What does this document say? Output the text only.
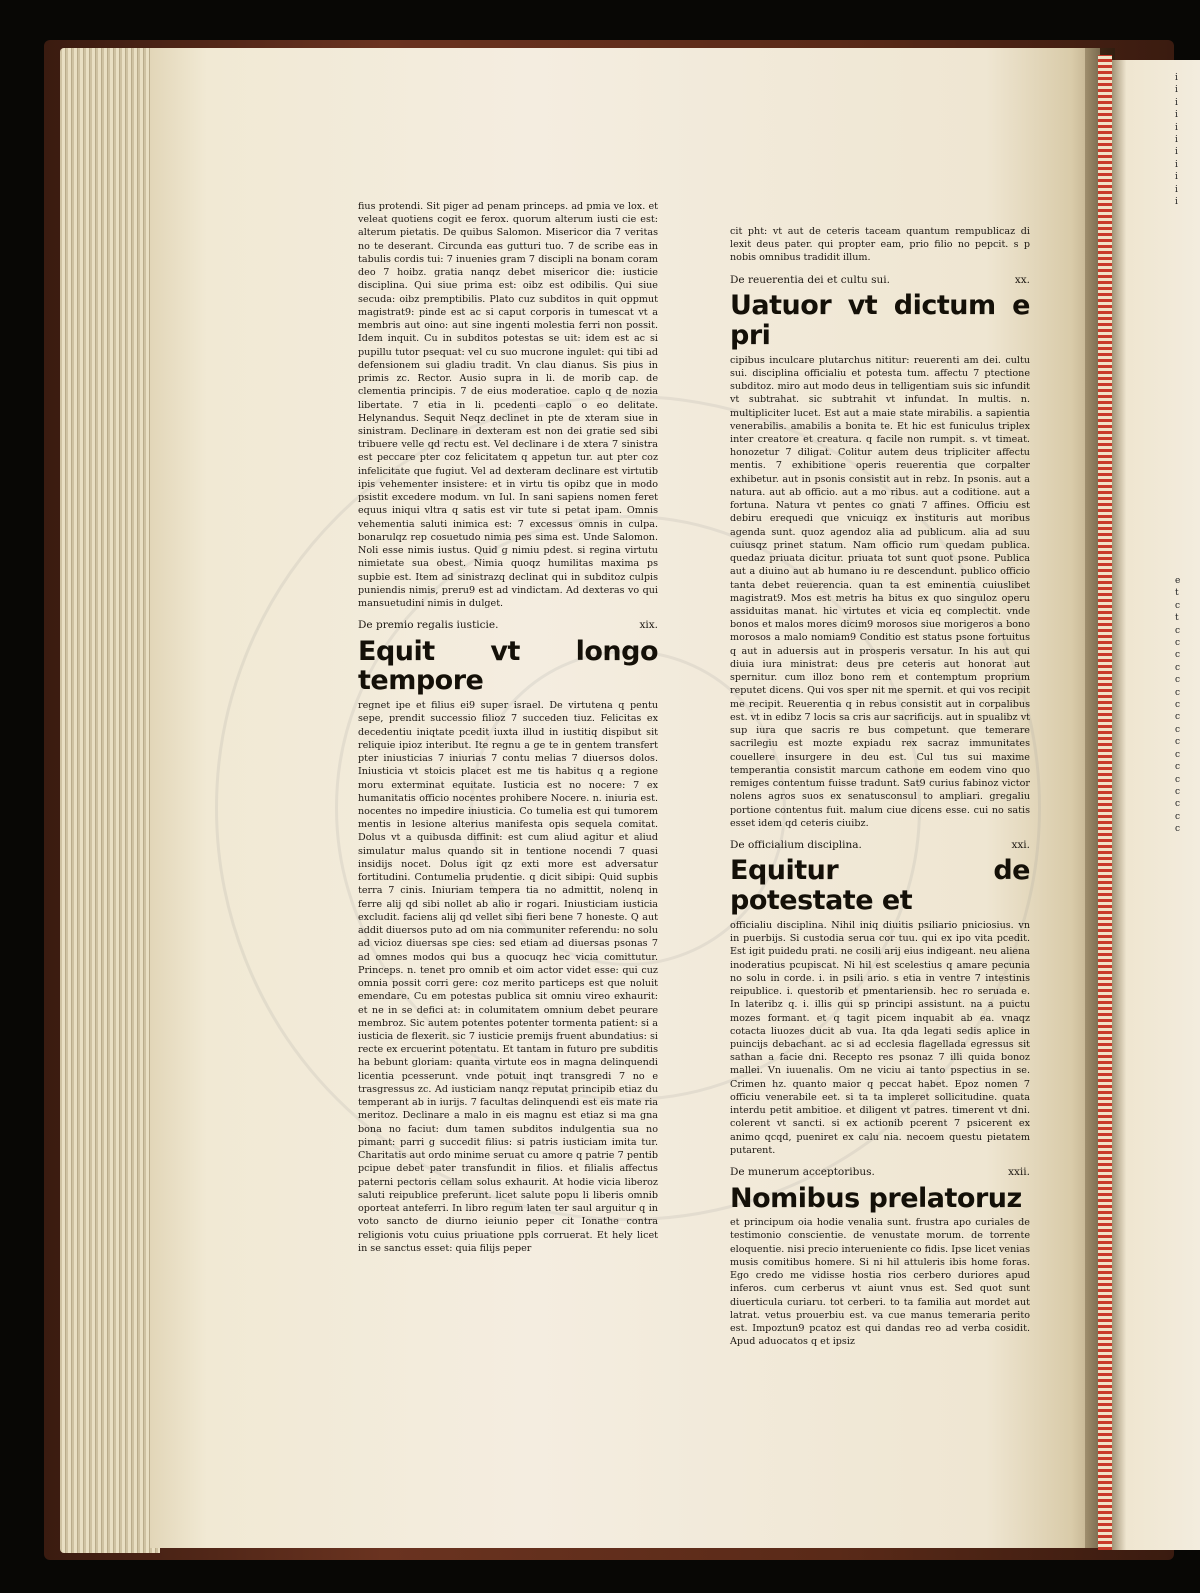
fius protendi. Sit piger ad penam princeps. ad pmia ve lox. et veleat quotiens cogit ee ferox. quorum alterum iusti cie est: alterum pietatis. De quibus Salomon. Misericor dia 7 veritas no te deserant. Circunda eas gutturi tuo. 7 de scribe eas in tabulis cordis tui: 7 inuenies gram 7 discipli na bonam coram deo 7 hoibz. gratia nanqz debet misericor die: iusticie disciplina. Qui siue prima est: oibz est odibilis. Qui siue secuda: oibz premptibilis. Plato cuz subditos in quit oppmut magistrat9: pinde est ac si caput corporis in tumescat vt a membris aut oino: aut sine ingenti molestia ferri non possit. Idem inquit. Cu in subditos potestas se uit: idem est ac si pupillu tutor psequat: vel cu suo mucrone ingulet: qui tibi ad defensionem sui gladiu tradit. Vn clau dianus. Sis pius in primis zc. Rector. Ausio supra in li. de morib cap. de clementia principis. 7 de eius moderatioe. caplo q de nozia libertate. 7 etia in li. pcedenti caplo o eo delitate. Helynandus. Sequit Neqz declinet in pte de xteram siue in sinistram. Declinare in dexteram est non dei gratie sed sibi tribuere velle qd rectu est. Vel declinare i de xtera 7 sinistra est peccare pter coz felicitatem q appetun tur. aut pter coz infelicitate que fugiut. Vel ad dexteram declinare est virtutib ipis vehementer insistere: et in virtu tis opibz que in modo psistit excedere modum. vn Iul. In sani sapiens nomen feret equus iniqui vltra q satis est vir tute si petat ipam. Omnis vehementia saluti inimica est: 7 excessus omnis in culpa. bonarulqz rep cosuetudo nimia pes sima est. Unde Salomon. Noli esse nimis iustus. Quid g nimiu pdest. si regina virtutu nimietate sua obest. Nimia quoqz humilitas maxima ps supbie est. Item ad sinistrazq declinat qui in subditoz culpis puniendis nimis, preru9 est ad vindictam. Ad dexteras vo qui mansuetudini nimis in dulget.

De premio regalis iusticie.	xix.
Equit vt longo tempore

regnet ipe et filius ei9 super israel. De virtutena q pentu sepe, prendit successio filioz 7 succeden tiuz. Felicitas ex decedentiu iniqtate pcedit iuxta illud in iustitiq dispibut sit reliquie ipioz interibut. Ite regnu a ge te in gentem transfert pter iniusticias 7 iniurias 7 contu melias 7 diuersos dolos. Iniusticia vt stoicis placet est me tis habitus q a regione moru exterminat equitate. Iusticia est no nocere: 7 ex humanitatis officio nocentes prohibere Nocere. n. iniuria est. nocentes no impedire iniusticia. Co tumelia est qui tumorem mentis in lesione alterius manifesta opis sequela comitat. Dolus vt a quibusda diffinit: est cum aliud agitur et aliud simulatur malus quando sit in tentione nocendi 7 quasi insidijs nocet. Dolus igit qz exti more est adversatur fortitudini. Contumelia prudentie. q dicit sibipi: Quid supbis terra 7 cinis. Iniuriam tempera tia no admittit, nolenq in ferre alij qd sibi nollet ab alio ir rogari. Iniusticiam iusticia excludit. faciens alij qd vellet sibi fieri bene 7 honeste. Q aut addit diuersos puto ad om nia communiter referendu: no solu ad vicioz diuersas spe cies: sed etiam ad diuersas psonas 7 ad omnes modos qui bus a quocuqz hec vicia comittutur. Princeps. n. tenet pro omnib et oim actor videt esse: qui cuz omnia possit corri gere: coz merito particeps est que noluit emendare. Cu em potestas publica sit omniu vireo exhaurit: et ne in se defici at: in columitatem omnium debet peurare membroz. Sic autem potentes potenter tormenta patient: si a iusticia de flexerit. sic 7 iusticie premijs fruent abundatius: si recte ex ercuerint potentatu. Et tantam in futuro pre subditis ha bebunt gloriam: quanta virtute eos in magna delinquendi licentia pcesserunt. vnde potuit inqt transgredi 7 no e trasgressus zc. Ad iusticiam nanqz reputat principib etiaz du temperant ab in iurijs. 7 facultas delinquendi est eis mate ria meritoz. Declinare a malo in eis magnu est etiaz si ma gna bona no faciut: dum tamen subditos indulgentia sua no pimant: parri g succedit filius: si patris iusticiam imita tur. Charitatis aut ordo minime seruat cu amore q patrie 7 pentib pcipue debet pater transfundit in filios. et filialis affectus paterni pectoris cellam solus exhaurit. At hodie vicia liberoz saluti reipublice preferunt. licet salute popu li liberis omnib oporteat anteferri. In libro regum laten ter saul arguitur q in voto sancto de diurno ieiunio peper cit Ionathe contra religionis votu cuius priuatione ppls corruerat. Et hely licet in se sanctus esset: quia filijs peper

cit pht: vt aut de ceteris taceam quantum rempublicaz di lexit deus pater. qui propter eam, prio filio no pepcit. s p nobis omnibus tradidit illum.

De reuerentia dei et cultu sui.	xx.
Uatuor vt dictum e pri

cipibus inculcare plutarchus nititur: reuerenti am dei. cultu sui. disciplina officialiu et potesta tum. affectu 7 ptectione subditoz. miro aut modo deus in telligentiam suis sic infundit vt subtrahat. sic subtrahit vt infundat. In multis. n. multipliciter lucet. Est aut a maie state mirabilis. a sapientia venerabilis. amabilis a bonita te. Et hic est funiculus triplex inter creatore et creatura. q facile non rumpit. s. vt timeat. honozetur 7 diligat. Colitur autem deus tripliciter affectu mentis. 7 exhibitione operis reuerentia que corpalter exhibetur. aut in psonis consistit aut in rebz. In psonis. aut a natura. aut ab officio. aut a mo ribus. aut a coditione. aut a fortuna. Natura vt pentes co gnati 7 affines. Officiu est debiru erequedi que vnicuiqz ex instituris aut moribus agenda sunt. quoz agendoz alia ad publicum. alia ad suu cuiusqz prinet statum. Nam officio rum quedam publica. quedaz priuata dicitur. priuata tot sunt quot psone. Publica aut a diuino aut ab humano iu re descendunt. publico officio tanta debet reuerencia. quan ta est eminentia cuiuslibet magistrat9. Mos est metris ha bitus ex quo singuloz operu assiduitas manat. hic virtutes et vicia eq complectit. vnde bonos et malos mores dicim9 morosos siue morigeros a bono morosos a malo nomiam9 Conditio est status psone fortuitus q aut in aduersis aut in prosperis versatur. In his aut qui diuia iura ministrat: deus pre ceteris aut honorat aut spernitur. cum illoz bono rem et contemptum proprium reputet dicens. Qui vos sper nit me spernit. et qui vos recipit me recipit. Reuerentia q in rebus consistit aut in corpalibus est. vt in edibz 7 locis sa cris aur sacrificijs. aut in spualibz vt sup iura que sacris re bus competunt. que temerare sacrilegiu est mozte expiadu rex sacraz immunitates couellere insurgere in deu est. Cul tus sui maxime temperantia consistit marcum cathone em eodem vino quo remiges contentum fuisse tradunt. Sat9 curius fabinoz victor nolens agros suos ex senatusconsul to ampliari. gregaliu portione contentus fuit. malum ciue dicens esse. cui no satis esset idem qd ceteris ciuibz.

De officialium disciplina.	xxi.
Equitur de potestate et

officialiu disciplina. Nihil iniq diuitis psiliario pniciosius. vn in puerbijs. Si custodia serua cor tuu. qui ex ipo vita pcedit. Est igit puidedu prati. ne cosili arij eius indigeant. neu aliena inoderatius pcupiscat. Ni hil est scelestius q amare pecunia no solu in corde. i. in psili ario. s etia in ventre 7 intestinis reipublice. i. questorib et pmentariensib. hec ro seruada e. In lateribz q. i. illis qui sp principi assistunt. na a puictu mozes formant. et q tagit picem inquabit ab ea. vnaqz cotacta liuozes ducit ab vua. Ita qda legati sedis aplice in puincijs debachant. ac si ad ecclesia flagellada egressus sit sathan a facie dni. Recepto res psonaz 7 illi quida bonoz mallei. Vn iuuenalis. Om ne viciu ai tanto pspectius in se. Crimen hz. quanto maior q peccat habet. Epoz nomen 7 officiu venerabile eet. si ta ta impleret sollicitudine. quata interdu petit ambitioe. et diligent vt patres. timerent vt dni. colerent vt sancti. si ex actionib pcerent 7 psicerent ex animo qcqd, pueniret ex calu nia. necoem questu pietatem putarent.

De munerum acceptoribus.	xxii.
Nomibus prelatoruz

et principum oia hodie venalia sunt. frustra apo curiales de testimonio conscientie. de venustate morum. de torrente eloquentie. nisi precio interueniente co fidis. Ipse licet venias musis comitibus homere. Si ni hil attuleris ibis home foras. Ego credo me vidisse hostia rios cerbero duriores apud inferos. cum cerberus vt aiunt vnus est. Sed quot sunt diuerticula curiaru. tot cerberi. to ta familia aut mordet aut latrat. vetus prouerbiu est. va cue manus temeraria perito est. Impoztun9 pcatoz est qui dandas reo ad verba cosidit. Apud aduocatos q et ipsiz

i
i
i
i
i
i
i
i
i
i
i
e
t
c
t
c
c
c
c
c
c
c
c
c
c
c
c
c
c
c
c
c
